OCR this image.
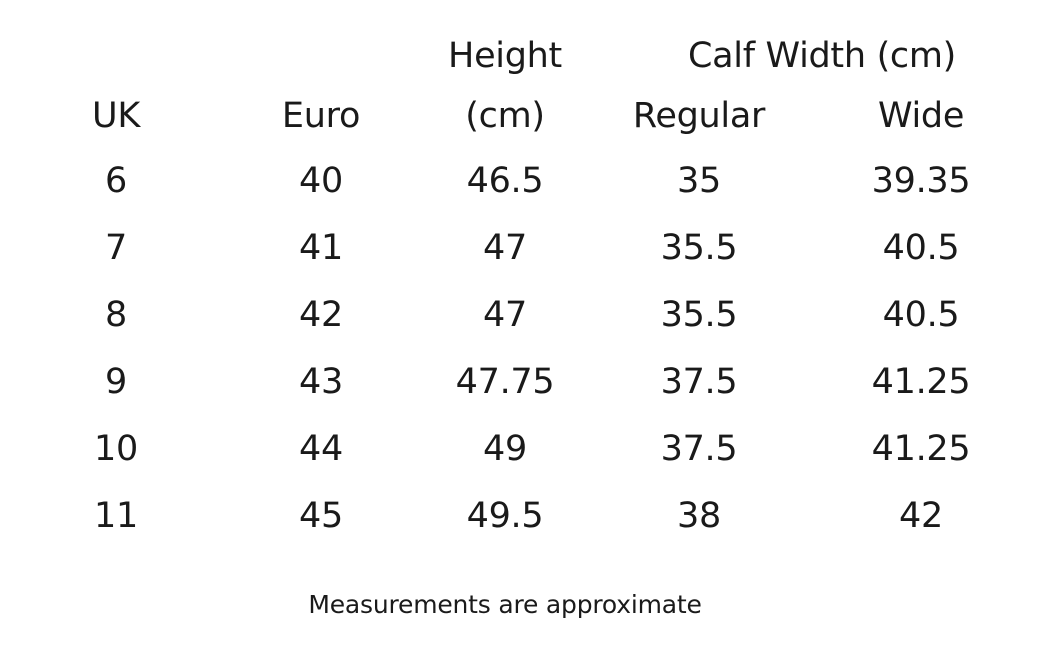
		Height	Calf Width (cm)	
UK	Euro	(cm)	Regular	Wide
6	40	46.5	35	39.35
7	41	47	35.5	40.5
8	42	47	35.5	40.5
9	43	47.75	37.5	41.25
10	44	49	37.5	41.25
11	45	49.5	38	42
Measurements are approximate
